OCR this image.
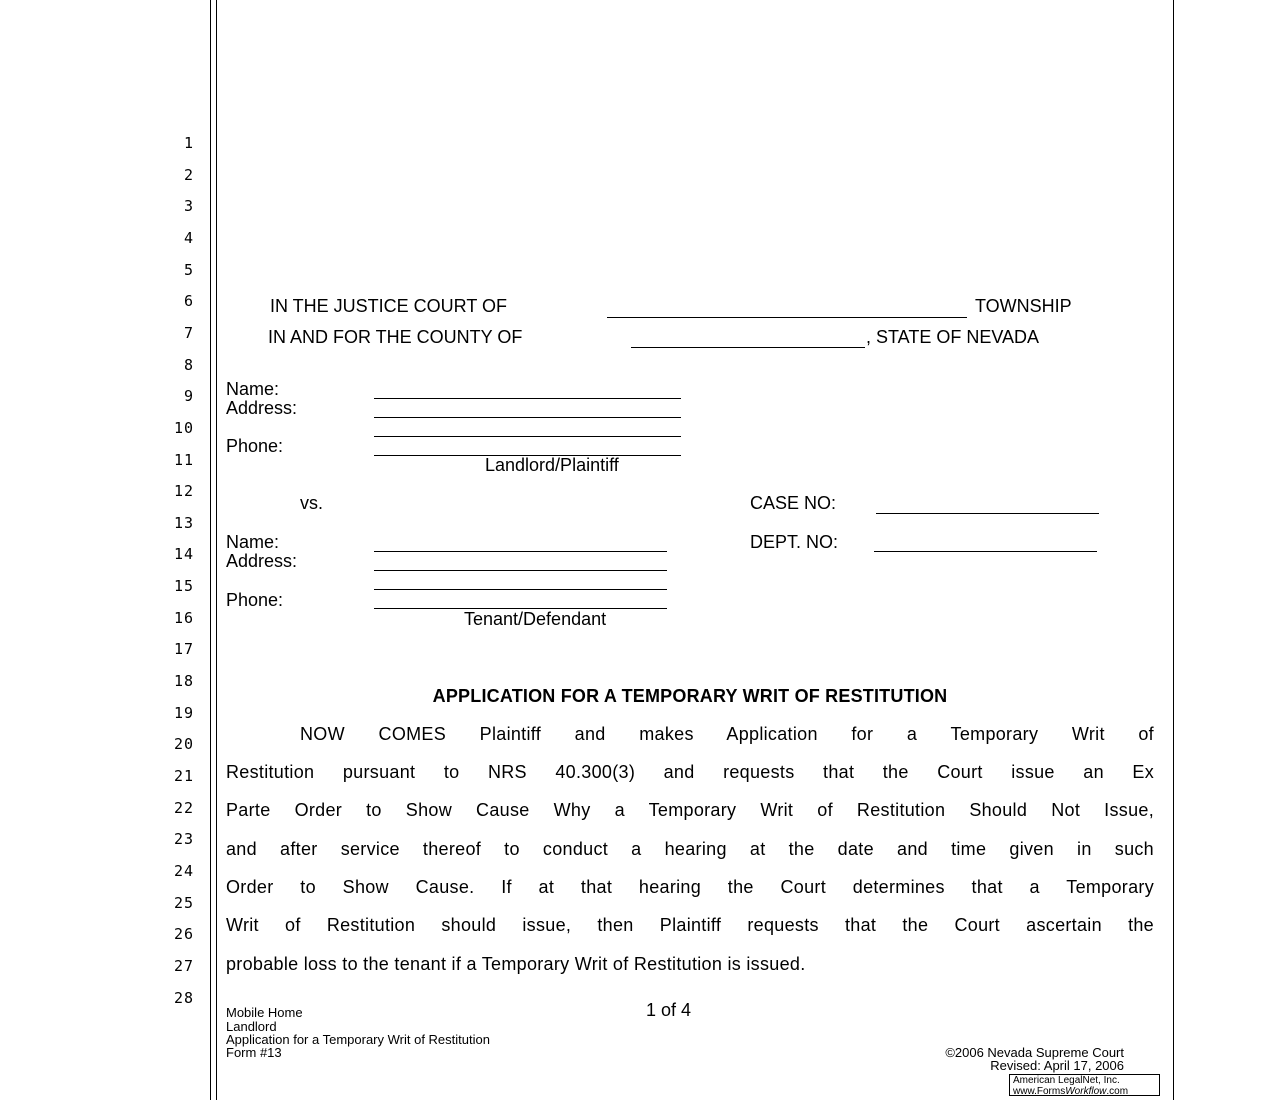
1
2
3
4
5
6
7
8
9
10
11
12
13
14
15
16
17
18
19
20
21
22
23
24
25
26
27
28
IN THE JUSTICE COURT OF	TOWNSHIP
IN AND FOR THE COUNTY OF	, STATE OF NEVADA
Name:
Address:
Phone:
Landlord/Plaintiff
vs.	CASE NO:
DEPT. NO:
Name:
Address:
Phone:
Tenant/Defendant
APPLICATION FOR A TEMPORARY WRIT OF RESTITUTION
NOW COMES Plaintiff and makes Application for a Temporary Writ of
Restitution pursuant to NRS 40.300(3) and requests that the Court issue an Ex
Parte Order to Show Cause Why a Temporary Writ of Restitution Should Not Issue,
and after service thereof to conduct a hearing at the date and time given in such
Order to Show Cause. If at that hearing the Court determines that a Temporary
Writ of Restitution should issue, then Plaintiff requests that the Court ascertain the
probable loss to the tenant if a Temporary Writ of Restitution is issued.
Mobile Home
Landlord
Application for a Temporary Writ of Restitution
Form #13
1 of 4
©2006 Nevada Supreme Court
Revised: April 17, 2006
American LegalNet, Inc.
www.FormsWorkflow.com
